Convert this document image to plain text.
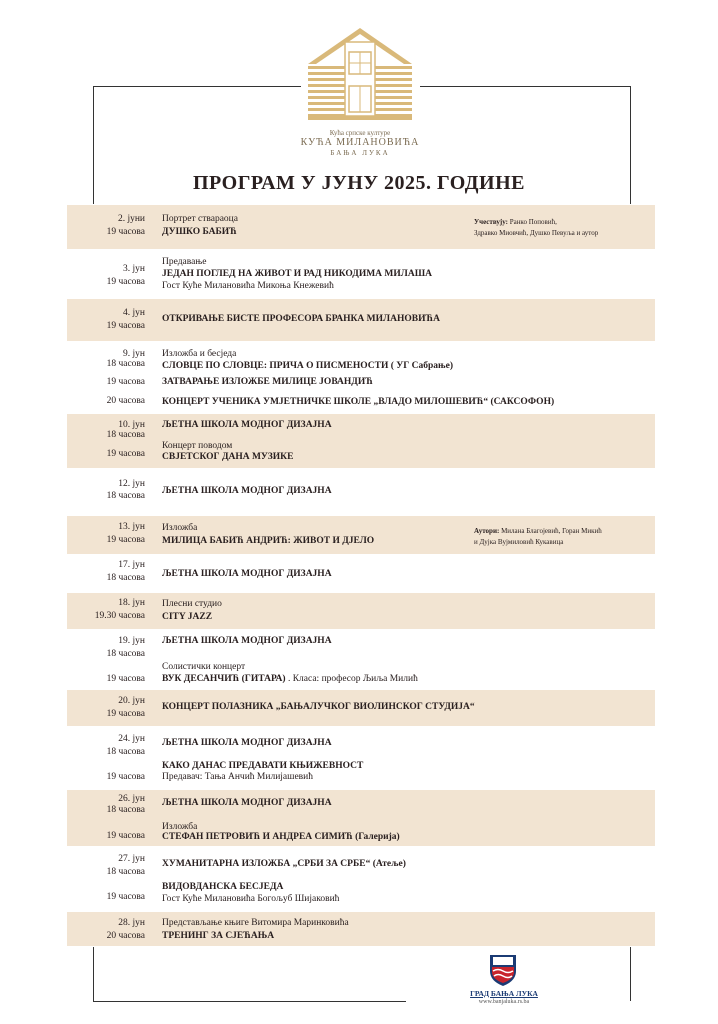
Кућа српске културе
КУЋА МИЛАНОВИЋА
БАЊА ЛУКА
ПРОГРАМ У ЈУНУ 2025. ГОДИНЕ
2. јуни
19 часова
Портрет ствараоца
ДУШКО БАБИЋ
Учествују: Ранко Поповић,
Здравко Миовчић, Душко Певуља и аутор
3. јун
19 часова
Предавање
ЈЕДАН ПОГЛЕД НА ЖИВОТ И РАД НИКОДИМА МИЛАША
Гост Куће Милановића Микоња Кнежевић
4. јун
19 часова
ОТКРИВАЊЕ БИСТЕ ПРОФЕСОРА БРАНКА МИЛАНОВИЋА
9. јун
18 часова
Изложба и бесједа
СЛОВЦЕ ПО СЛОВЦЕ: ПРИЧА О ПИСМЕНОСТИ ( УГ Сабрање)
19 часова ЗАТВАРАЊЕ ИЗЛОЖБЕ МИЛИЦЕ ЈОВАНДИЋ
20 часова КОНЦЕРТ УЧЕНИКА УМЈЕТНИЧКЕ ШКОЛЕ „ВЛАДО МИЛОШЕВИЋ“ (САКСОФОН)
10. јун
18 часова
ЉЕТНА ШКОЛА МОДНОГ ДИЗАЈНА
Концерт поводом
19 часова СВЈЕТСКОГ ДАНА МУЗИКЕ
12. јун
18 часова ЉЕТНА ШКОЛА МОДНОГ ДИЗАЈНА
13. јун
19 часова
Изложба
МИЛИЦА БАБИЋ АНДРИЋ: ЖИВОТ И ДЈЕЛО
Аутори: Милана Благојевић, Горан Микић
и Дујка Вујмиловић Кукавица
17. јун
18 часова ЉЕТНА ШКОЛА МОДНОГ ДИЗАЈНА
18. јун
19.30 часова
Плесни студио
CITY JAZZ
19. јун
18 часова
ЉЕТНА ШКОЛА МОДНОГ ДИЗАЈНА
Солистички концерт
19 часова ВУК ДЕСАНЧИЋ (ГИТАРА) . Класа: професор Љиља Милић
20. јун
19 часова
КОНЦЕРТ ПОЛАЗНИКА „БАЊАЛУЧКОГ ВИОЛИНСКОГ СТУДИЈА“
24. јун
18 часова
ЉЕТНА ШКОЛА МОДНОГ ДИЗАЈНА
КАКО ДАНАС ПРЕДАВАТИ КЊИЖЕВНОСТ
19 часова Предавач: Тања Анчић Милијашевић
26. јун
18 часова
ЉЕТНА ШКОЛА МОДНОГ ДИЗАЈНА
Изложба
19 часова СТЕФАН ПЕТРОВИЋ И АНДРЕА СИМИЋ (Галерија)
27. јун
18 часова
ХУМАНИТАРНА ИЗЛОЖБА „СРБИ ЗА СРБЕ“ (Атеље)
ВИДОВДАНСКА БЕСЈЕДА
19 часова Гост Куће Милановића Богољуб Шијаковић
28. јун
20 часова
Представљање књиге Витомира Маринковића
ТРЕНИНГ ЗА СЈЕЋАЊА
ГРАД БАЊА ЛУКА
www.banjaluka.rs.ba
